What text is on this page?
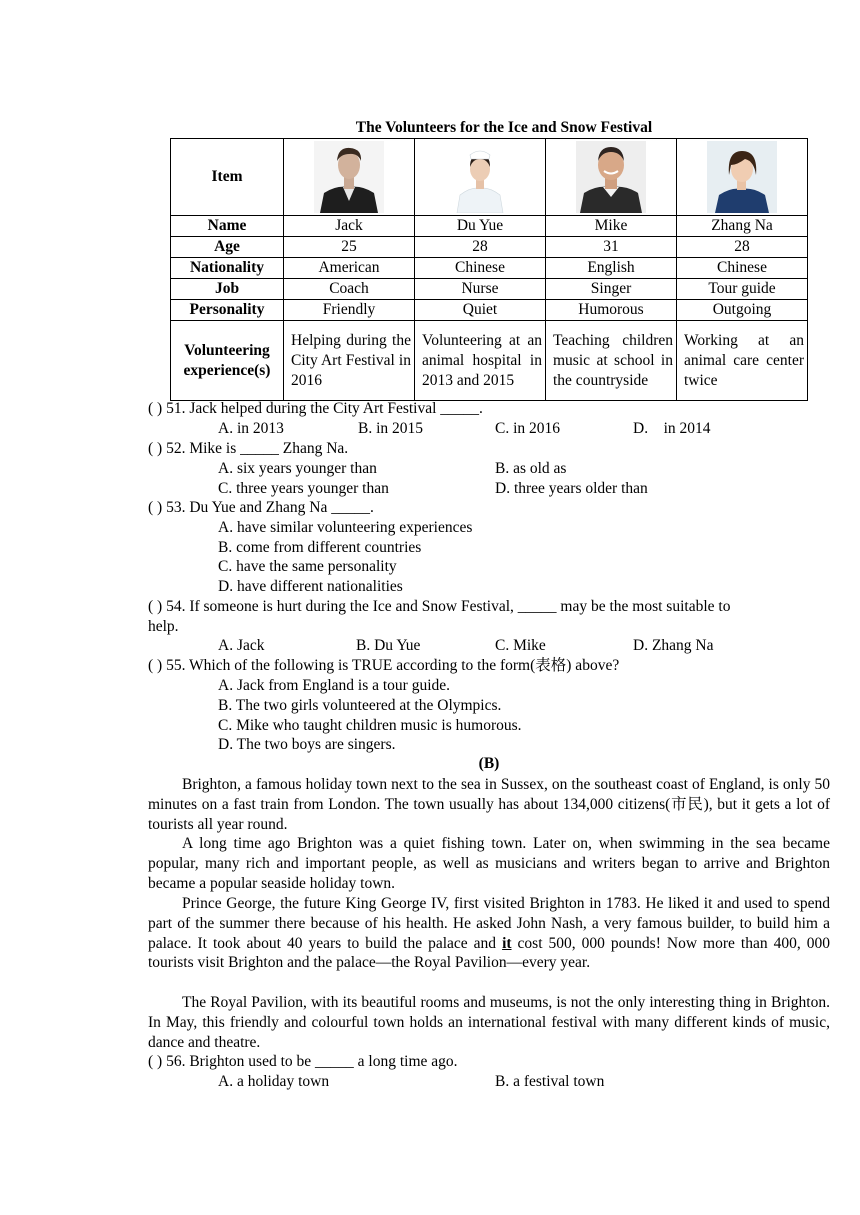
The Volunteers for the Ice and Snow Festival
Item	

Name	Jack	Du Yue	Mike	Zhang Na
Age	25	28	31	28
Nationality	American	Chinese	English	Chinese
Job	Coach	Nurse	Singer	Tour guide
Personality	Friendly	Quiet	Humorous	Outgoing
Volunteering experience(s)	Helping during the City Art Festival in 2016	Volunteering at an animal hospital in 2013 and 2015	Teaching children music at school in the countryside	Working at an animal care center twice
( ) 51. Jack helped during the City Art Festival _____.
A. in 2013	B. in 2015	C. in 2016	D.    in 2014
( ) 52. Mike is _____ Zhang Na.
A. six years younger than	B. as old as
C. three years younger than	D. three years older than
( ) 53. Du Yue and Zhang Na _____.
A. have similar volunteering experiences
B. come from different countries
C. have the same personality
D. have different nationalities
( ) 54. If someone is hurt during the Ice and Snow Festival, _____ may be the most suitable to
help.
A. Jack	B. Du Yue	C. Mike	D. Zhang Na
( ) 55. Which of the following is TRUE according to the form(表格) above?
A. Jack from England is a tour guide.
B. The two girls volunteered at the Olympics.
C. Mike who taught children music is humorous.
D. The two boys are singers.
(B)
Brighton, a famous holiday town next to the sea in Sussex, on the southeast coast of England, is only 50 minutes on a fast train from London. The town usually has about 134,000 citizens(市民), but it gets a lot of tourists all year round.
A long time ago Brighton was a quiet fishing town. Later on, when swimming in the sea became popular, many rich and important people, as well as musicians and writers began to arrive and Brighton became a popular seaside holiday town.
Prince George, the future King George IV, first visited Brighton in 1783. He liked it and used to spend part of the summer there because of his health. He asked John Nash, a very famous builder, to build him a palace. It took about 40 years to build the palace and it cost 500, 000 pounds! Now more than 400, 000 tourists visit Brighton and the palace—the Royal Pavilion—every year.
The Royal Pavilion, with its beautiful rooms and museums, is not the only interesting thing in Brighton. In May, this friendly and colourful town holds an international festival with many different kinds of music, dance and theatre.
( ) 56. Brighton used to be _____ a long time ago.
A. a holiday town	B. a festival town
